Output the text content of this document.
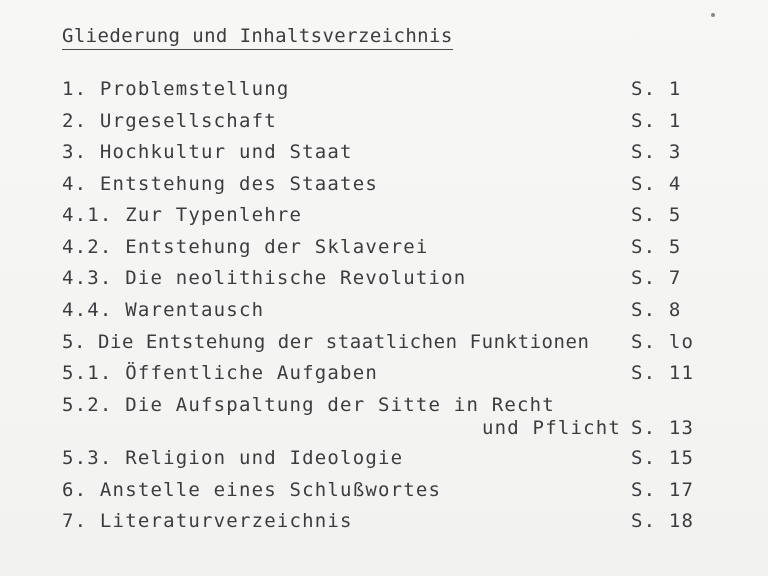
Gliederung und Inhaltsverzeichnis
1. Problemstellung	S. 1
2. Urgesellschaft	S. 1
3. Hochkultur und Staat	S. 3
4. Entstehung des Staates	S. 4
4.1. Zur Typenlehre	S. 5
4.2. Entstehung der Sklaverei	S. 5
4.3. Die neolithische Revolution	S. 7
4.4. Warentausch	S. 8
5. Die Entstehung der staatlichen Funktionen S. lo
5.1. Öffentliche Aufgaben	S. 11
5.2. Die Aufspaltung der Sitte in Recht
und Pflicht S. 13
5.3. Religion und Ideologie	S. 15
6. Anstelle eines Schlußwortes	S. 17
7. Literaturverzeichnis	S. 18
